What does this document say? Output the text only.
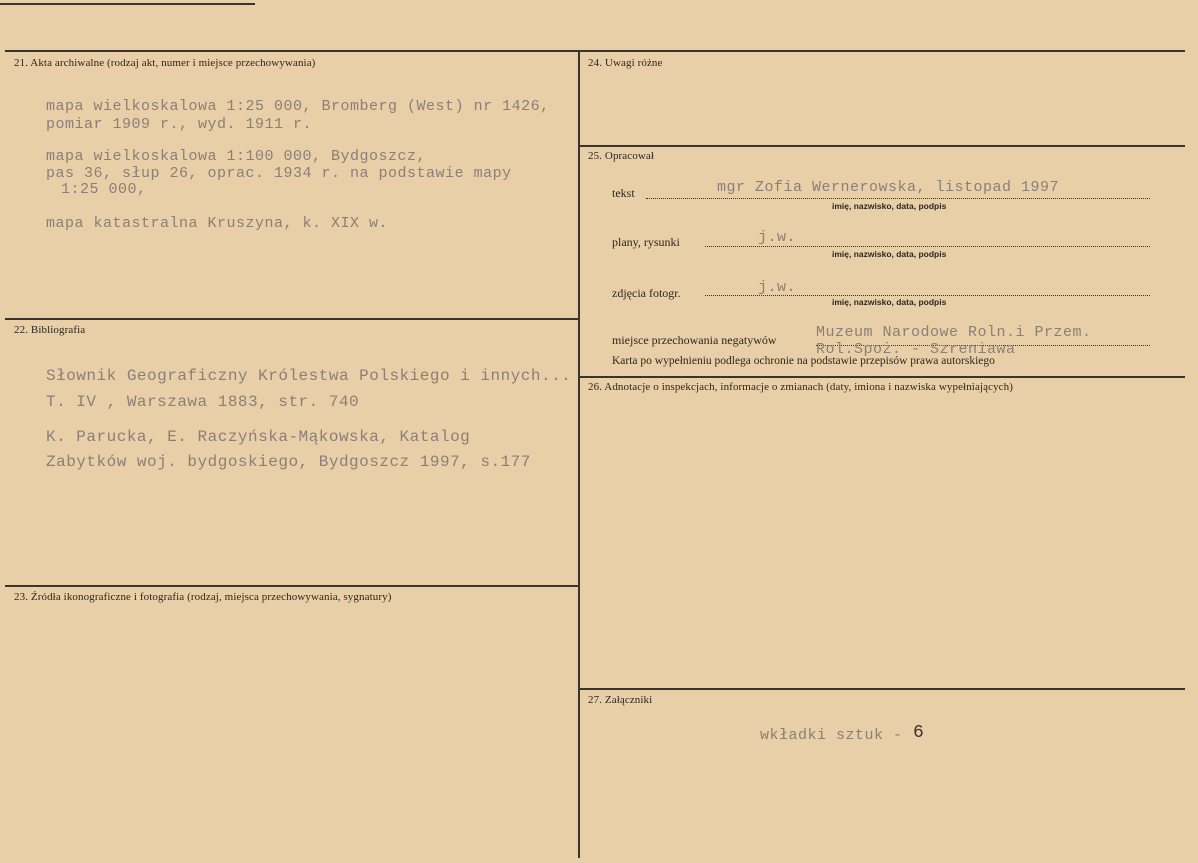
21. Akta archiwalne (rodzaj akt, numer i miejsce przechowywania)
mapa wielkoskalowa 1:25 000, Bromberg (West) nr 1426,
pomiar 1909 r., wyd. 1911 r.
mapa wielkoskalowa 1:100 000, Bydgoszcz,
pas 36, słup 26, oprac. 1934 r. na podstawie mapy
1:25 000,
mapa katastralna Kruszyna, k. XIX w.
22. Bibliografia
Słownik Geograficzny Królestwa Polskiego i innych...
T. IV , Warszawa 1883, str. 740
K. Parucka, E. Raczyńska-Mąkowska, Katalog
Zabytków woj. bydgoskiego, Bydgoszcz 1997, s.177
23. Źródła ikonograficzne i fotografia (rodzaj, miejsca przechowywania, sygnatury)
24. Uwagi różne
25. Opracował
tekst	mgr Zofia Wernerowska, listopad 1997
imię, nazwisko, data, podpis
plany, rysunki	j.w.
imię, nazwisko, data, podpis
zdjęcia fotogr.	j.w.
imię, nazwisko, data, podpis
miejsce przechowania negatywów	Muzeum Narodowe Roln.i Przem.
Rol.Spoż. - Szreniawa
Karta po wypełnieniu podlega ochronie na podstawie przepisów prawa autorskiego
26. Adnotacje o inspekcjach, informacje o zmianach (daty, imiona i nazwiska wypełniających)
27. Załączniki
wkładki sztuk - 6
